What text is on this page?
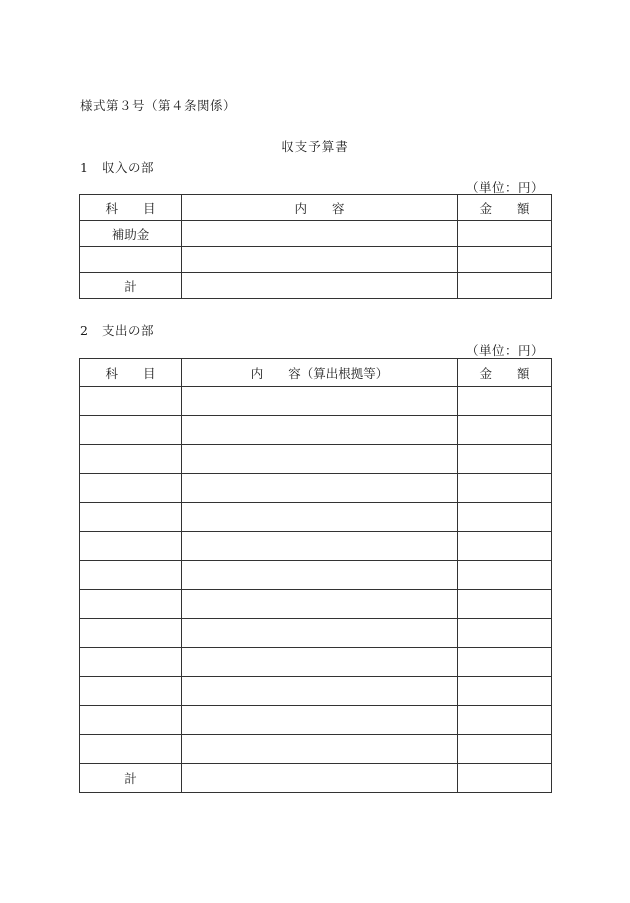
様式第３号（第４条関係）
収支予算書
1 収入の部
（単位：円）
科　　目	内　　容	金　　額
補助金		

計		
2 支出の部
（単位：円）
科　　目	内　　容（算出根拠等）	金　　額

計		
